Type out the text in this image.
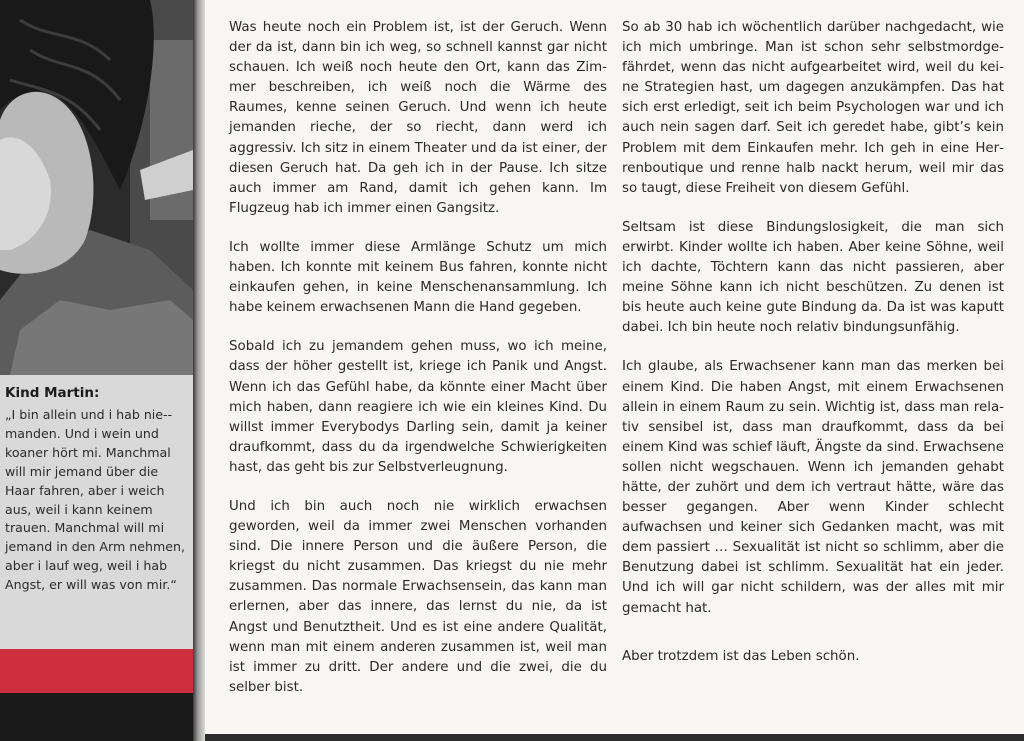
Kind Martin:

„I bin allein und i hab nie-manden. Und i wein und koaner hört mi. Manchmal will mir jemand über die Haar fahren, aber i weich aus, weil i kann keinem trauen. Manchmal will mi jemand in den Arm nehmen, aber i lauf weg, weil i hab Angst, er will was von mir.“

Was heute noch ein Problem ist, ist der Geruch. Wenn der da ist, dann bin ich weg, so schnell kannst gar nicht schauen. Ich weiß noch heute den Ort, kann das Zimmer beschreiben, ich weiß noch die Wärme des Raumes, kenne seinen Geruch. Und wenn ich heute jemanden rieche, der so riecht, dann werd ich aggressiv. Ich sitz in einem Theater und da ist einer, der diesen Geruch hat. Da geh ich in der Pause. Ich sitze auch immer am Rand, damit ich gehen kann. Im Flugzeug hab ich immer einen Gangsitz.

Ich wollte immer diese Armlänge Schutz um mich haben. Ich konnte mit keinem Bus fahren, konnte nicht einkaufen gehen, in keine Menschenansammlung. Ich habe keinem erwachsenen Mann die Hand gegeben.

Sobald ich zu jemandem gehen muss, wo ich meine, dass der höher gestellt ist, kriege ich Panik und Angst. Wenn ich das Gefühl habe, da könnte einer Macht über mich haben, dann reagiere ich wie ein kleines Kind. Du willst immer Everybodys Darling sein, damit ja keiner draufkommt, dass du da irgendwelche Schwierigkeiten hast, das geht bis zur Selbstverleugnung.

Und ich bin auch noch nie wirklich erwachsen geworden, weil da immer zwei Menschen vorhanden sind. Die innere Person und die äußere Person, die kriegst du nicht zusammen. Das kriegst du nie mehr zusammen. Das normale Erwachsensein, das kann man erlernen, aber das innere, das lernst du nie, da ist Angst und Benutztheit. Und es ist eine andere Qualität, wenn man mit einem anderen zusammen ist, weil man ist immer zu dritt. Der andere und die zwei, die du selber bist.

So ab 30 hab ich wöchentlich darüber nachgedacht, wie ich mich umbringe. Man ist schon sehr selbstmordgefährdet, wenn das nicht aufgearbeitet wird, weil du keine Strategien hast, um dagegen anzukämpfen. Das hat sich erst erledigt, seit ich beim Psychologen war und ich auch nein sagen darf. Seit ich geredet habe, gibt’s kein Problem mit dem Einkaufen mehr. Ich geh in eine Herrenboutique und renne halb nackt herum, weil mir das so taugt, diese Freiheit von diesem Gefühl.

Seltsam ist diese Bindungslosigkeit, die man sich erwirbt. Kinder wollte ich haben. Aber keine Söhne, weil ich dachte, Töchtern kann das nicht passieren, aber meine Söhne kann ich nicht beschützen. Zu denen ist bis heute auch keine gute Bindung da. Da ist was kaputt dabei. Ich bin heute noch relativ bindungsunfähig.

Ich glaube, als Erwachsener kann man das merken bei einem Kind. Die haben Angst, mit einem Erwachsenen allein in einem Raum zu sein. Wichtig ist, dass man relativ sensibel ist, dass man draufkommt, dass da bei einem Kind was schief läuft, Ängste da sind. Erwachsene sollen nicht wegschauen. Wenn ich jemanden gehabt hätte, der zuhört und dem ich vertraut hätte, wäre das besser gegangen. Aber wenn Kinder schlecht aufwachsen und keiner sich Gedanken macht, was mit dem passiert … Sexualität ist nicht so schlimm, aber die Benutzung dabei ist schlimm. Sexualität hat ein jeder. Und ich will gar nicht schildern, was der alles mit mir gemacht hat.

Aber trotzdem ist das Leben schön.
